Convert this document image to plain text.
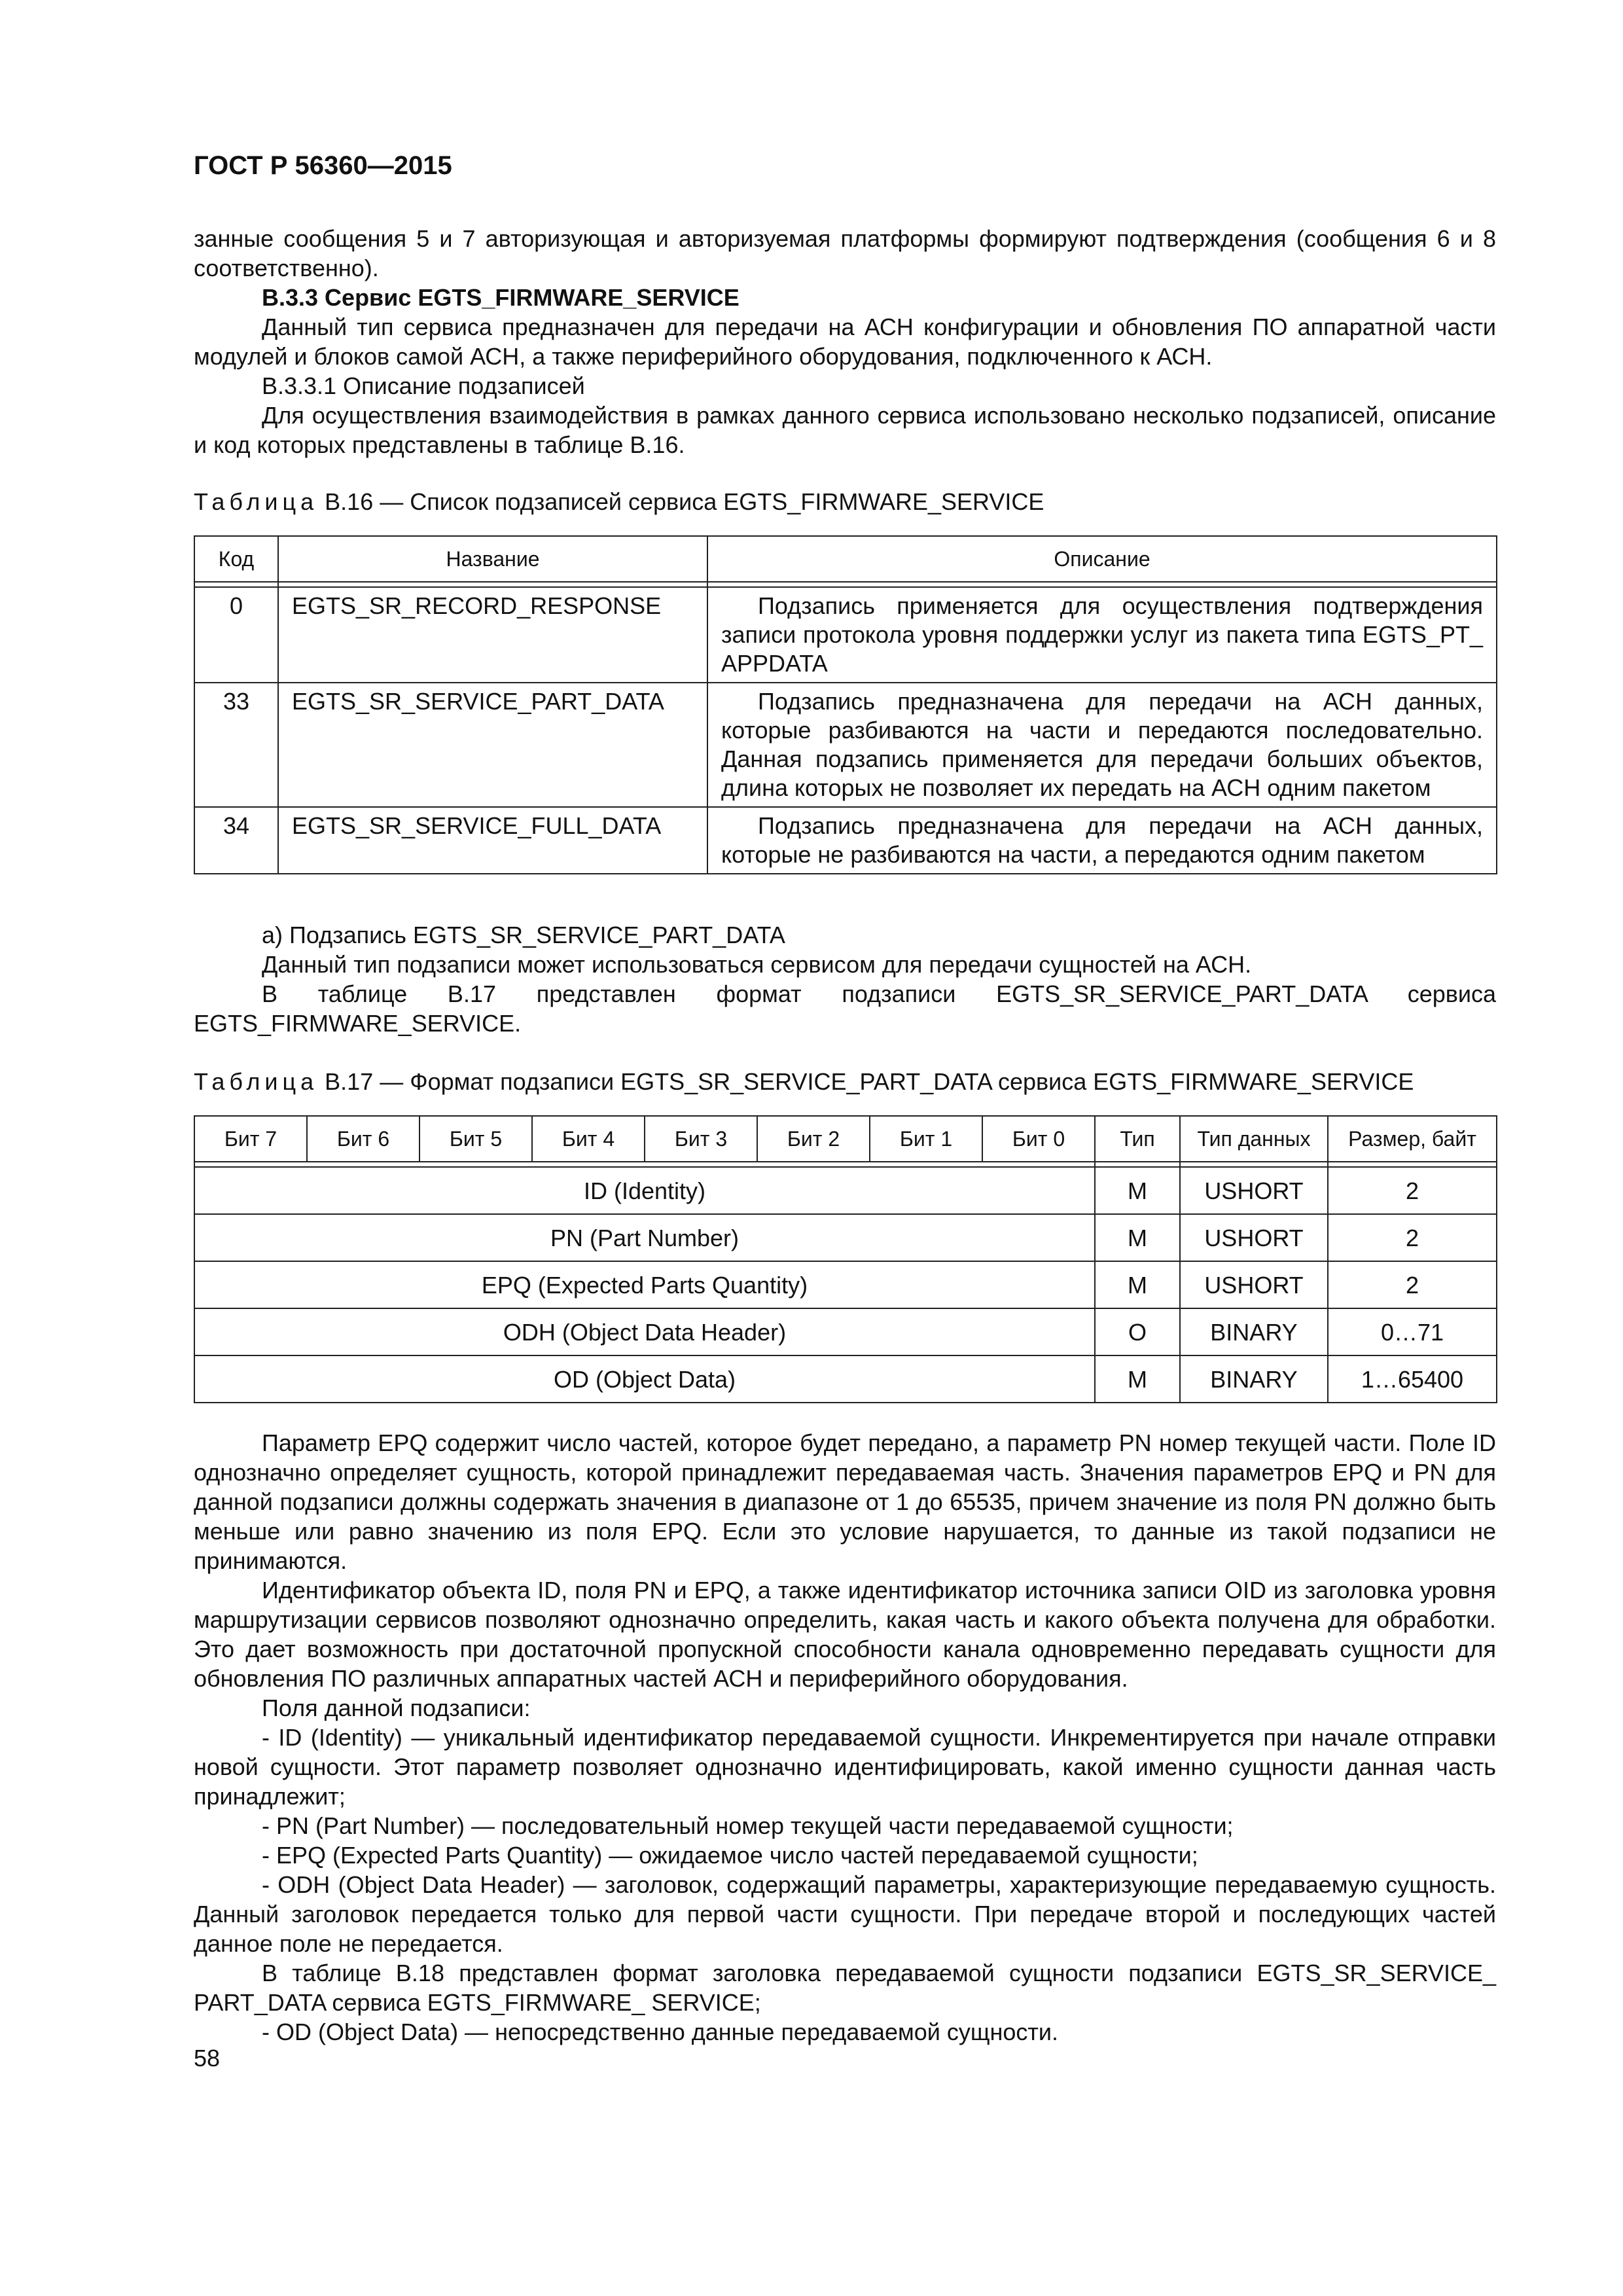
ГОСТ Р 56360—2015

занные сообщения 5 и 7 авторизующая и авторизуемая платформы формируют подтверждения (сообщения 6 и 8 соответственно).

В.3.3 Сервис EGTS_FIRMWARE_SERVICE

Данный тип сервиса предназначен для передачи на АСН конфигурации и обновления ПО аппаратной части модулей и блоков самой АСН, а также периферийного оборудования, подключенного к АСН.

В.3.3.1 Описание подзаписей

Для осуществления взаимодействия в рамках данного сервиса использовано несколько подзаписей, описание и код которых представлены в таблице В.16.

Таблица В.16 — Список подзаписей сервиса EGTS_FIRMWARE_SERVICE

Код	Название	Описание

0	EGTS_SR_RECORD_RESPONSE	Подзапись применяется для осуществления подтверждения записи протокола уровня поддержки услуг из пакета типа EGTS_PT_ APPDATA

33	EGTS_SR_SERVICE_PART_DATA	Подзапись предназначена для передачи на АСН данных, которые разбиваются на части и передаются последовательно. Данная подзапись применяется для передачи больших объектов, длина которых не позволяет их передать на АСН одним пакетом

34	EGTS_SR_SERVICE_FULL_DATA	Подзапись предназначена для передачи на АСН данных, которые не разбиваются на части, а передаются одним пакетом

а) Подзапись EGTS_SR_SERVICE_PART_DATA

Данный тип подзаписи может использоваться сервисом для передачи сущностей на АСН.

В таблице В.17 представлен формат подзаписи EGTS_SR_SERVICE_PART_DATA сервиса EGTS_FIRMWARE_SERVICE.

Таблица В.17 — Формат подзаписи EGTS_SR_SERVICE_PART_DATA сервиса EGTS_FIRMWARE_SERVICE

Бит 7	Бит 6	Бит 5	Бит 4	Бит 3	Бит 2	Бит 1	Бит 0	Тип	Тип данных	Размер, байт

ID (Identity)								M	USHORT	2
PN (Part Number)								M	USHORT	2
EPQ (Expected Parts Quantity)								M	USHORT	2
ODH (Object Data Header)								O	BINARY	0…71
OD (Object Data)								M	BINARY	1…65400

Параметр EPQ содержит число частей, которое будет передано, а параметр PN номер текущей части. Поле ID однозначно определяет сущность, которой принадлежит передаваемая часть. Значения параметров EPQ и PN для данной подзаписи должны содержать значения в диапазоне от 1 до 65535, причем значение из поля PN должно быть меньше или равно значению из поля EPQ. Если это условие нарушается, то данные из такой подзаписи не принимаются.

Идентификатор объекта ID, поля PN и EPQ, а также идентификатор источника записи OID из заголовка уровня маршрутизации сервисов позволяют однозначно определить, какая часть и какого объекта получена для обработки. Это дает возможность при достаточной пропускной способности канала одновременно передавать сущности для обновления ПО различных аппаратных частей АСН и периферийного оборудования.

Поля данной подзаписи:

- ID (Identity) — уникальный идентификатор передаваемой сущности. Инкрементируется при начале отправки новой сущности. Этот параметр позволяет однозначно идентифицировать, какой именно сущности данная часть принадлежит;

- PN (Part Number) — последовательный номер текущей части передаваемой сущности;

- EPQ (Expected Parts Quantity) — ожидаемое число частей передаваемой сущности;

- ODH (Object Data Header) — заголовок, содержащий параметры, характеризующие передаваемую сущность. Данный заголовок передается только для первой части сущности. При передаче второй и последующих частей данное поле не передается.

В таблице В.18 представлен формат заголовка передаваемой сущности подзаписи EGTS_SR_SERVICE_ PART_DATA сервиса EGTS_FIRMWARE_ SERVICE;

- OD (Object Data) — непосредственно данные передаваемой сущности.

58
